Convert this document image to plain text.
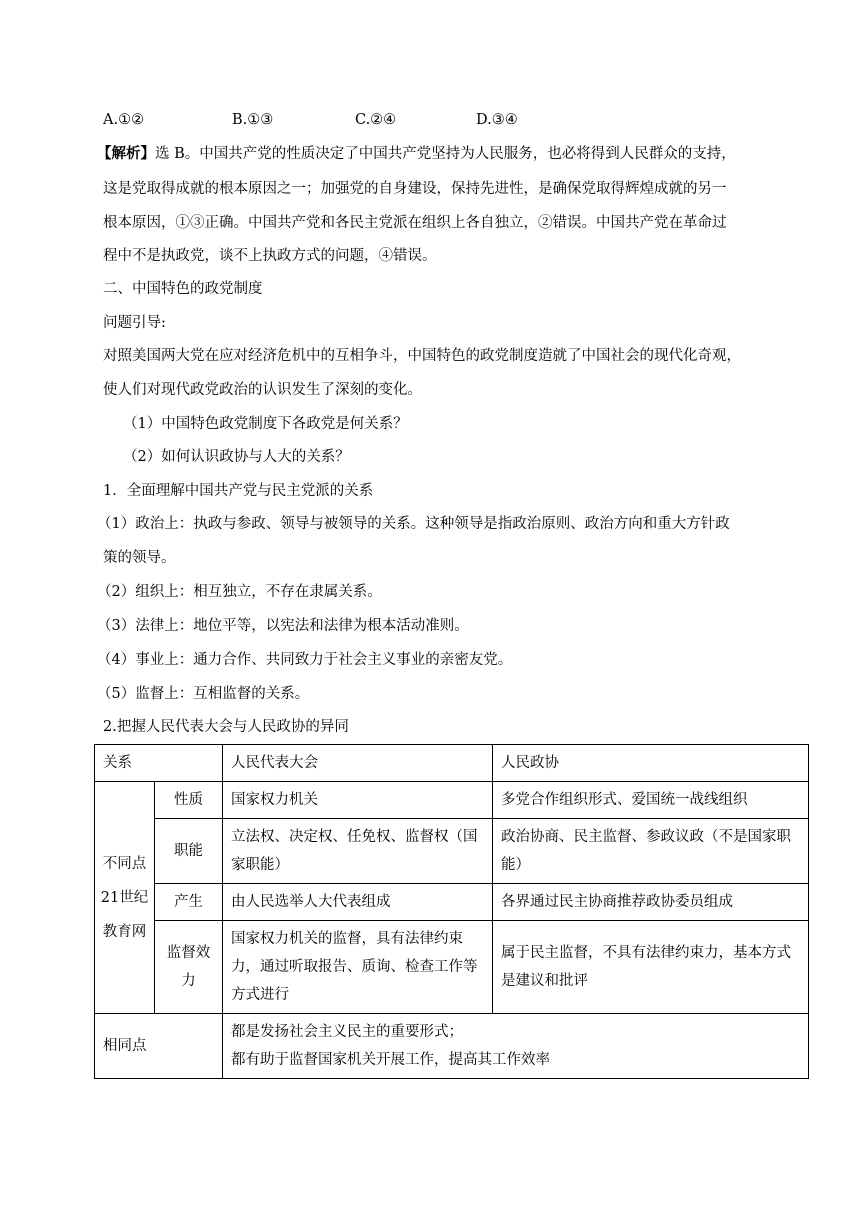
A.①②	B.①③	C.②④	D.③④
【解析】选 B。中国共产党的性质决定了中国共产党坚持为人民服务，也必将得到人民群众的支持，
这是党取得成就的根本原因之一；加强党的自身建设，保持先进性，是确保党取得辉煌成就的另一
根本原因，①③正确。中国共产党和各民主党派在组织上各自独立，②错误。中国共产党在革命过
程中不是执政党，谈不上执政方式的问题，④错误。
二、中国特色的政党制度
问题引导:
对照美国两大党在应对经济危机中的互相争斗，中国特色的政党制度造就了中国社会的现代化奇观，
使人们对现代政党政治的认识发生了深刻的变化。
（1）中国特色政党制度下各政党是何关系？
（2）如何认识政协与人大的关系？
1．全面理解中国共产党与民主党派的关系
（1）政治上：执政与参政、领导与被领导的关系。这种领导是指政治原则、政治方向和重大方针政
策的领导。
（2）组织上：相互独立，不存在隶属关系。
（3）法律上：地位平等，以宪法和法律为根本活动准则。
（4）事业上：通力合作、共同致力于社会主义事业的亲密友党。
（5）监督上：互相监督的关系。
2.把握人民代表大会与人民政协的异同
关系		人民代表大会	人民政协
不同点21世纪教育网	性质	国家权力机关	多党合作组织形式、爱国统一战线组织
	职能	立法权、决定权、任免权、监督权（国家职能）	政治协商、民主监督、参政议政（不是国家职能）
	产生	由人民选举人大代表组成	各界通过民主协商推荐政协委员组成
	监督效力	国家权力机关的监督，具有法律约束力，通过听取报告、质询、检查工作等方式进行	属于民主监督，不具有法律约束力，基本方式是建议和批评
相同点		都是发扬社会主义民主的重要形式；
都有助于监督国家机关开展工作，提高其工作效率	
